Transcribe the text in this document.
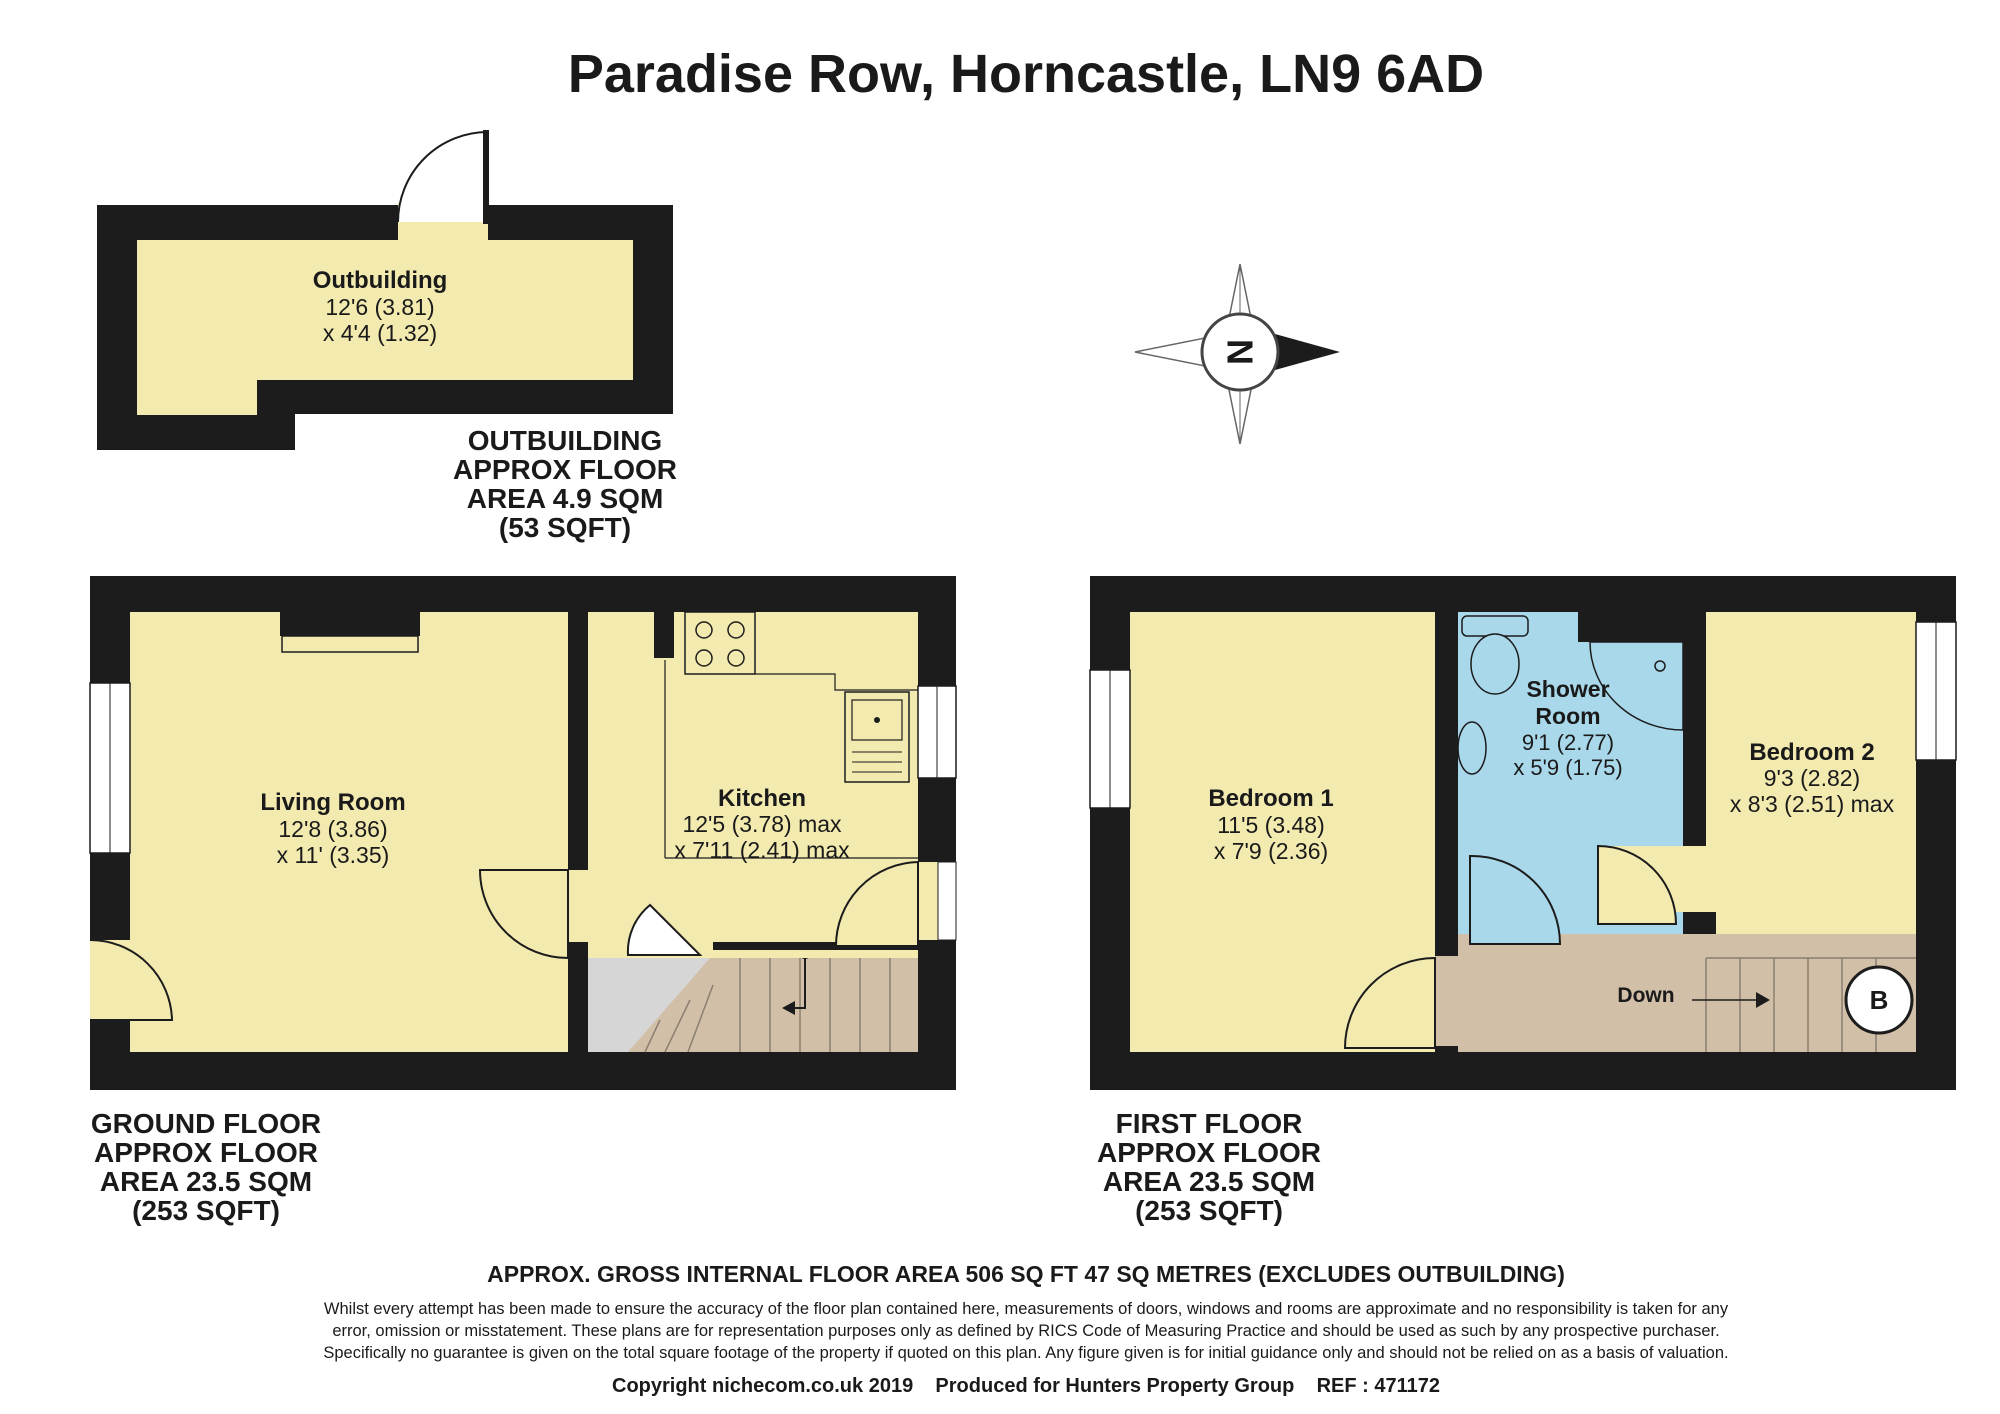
Paradise Row, Horncastle, LN9 6AD
Outbuilding
12'6 (3.81)
x 4'4 (1.32)
OUTBUILDING
APPROX FLOOR
AREA 4.9 SQM
(53 SQFT)
N
Living Room
12'8 (3.86)
x 11' (3.35)
Kitchen
12'5 (3.78) max
x 7'11 (2.41) max
GROUND FLOOR
APPROX FLOOR
AREA 23.5 SQM
(253 SQFT)
Down	B
Bedroom 1
11'5 (3.48)
x 7'9 (2.36)
Shower
Room
9'1 (2.77)
x 5'9 (1.75)
Bedroom 2
9'3 (2.82)
x 8'3 (2.51) max
FIRST FLOOR
APPROX FLOOR
AREA 23.5 SQM
(253 SQFT)
APPROX. GROSS INTERNAL FLOOR AREA 506 SQ FT 47 SQ METRES (EXCLUDES OUTBUILDING)
Whilst every attempt has been made to ensure the accuracy of the floor plan contained here, measurements of doors, windows and rooms are approximate and no responsibility is taken for any
error, omission or misstatement. These plans are for representation purposes only as defined by RICS Code of Measuring Practice and should be used as such by any prospective purchaser.
Specifically no guarantee is given on the total square footage of the property if quoted on this plan. Any figure given is for initial guidance only and should not be relied on as a basis of valuation.
Copyright nichecom.co.uk 2019    Produced for Hunters Property Group    REF : 471172
